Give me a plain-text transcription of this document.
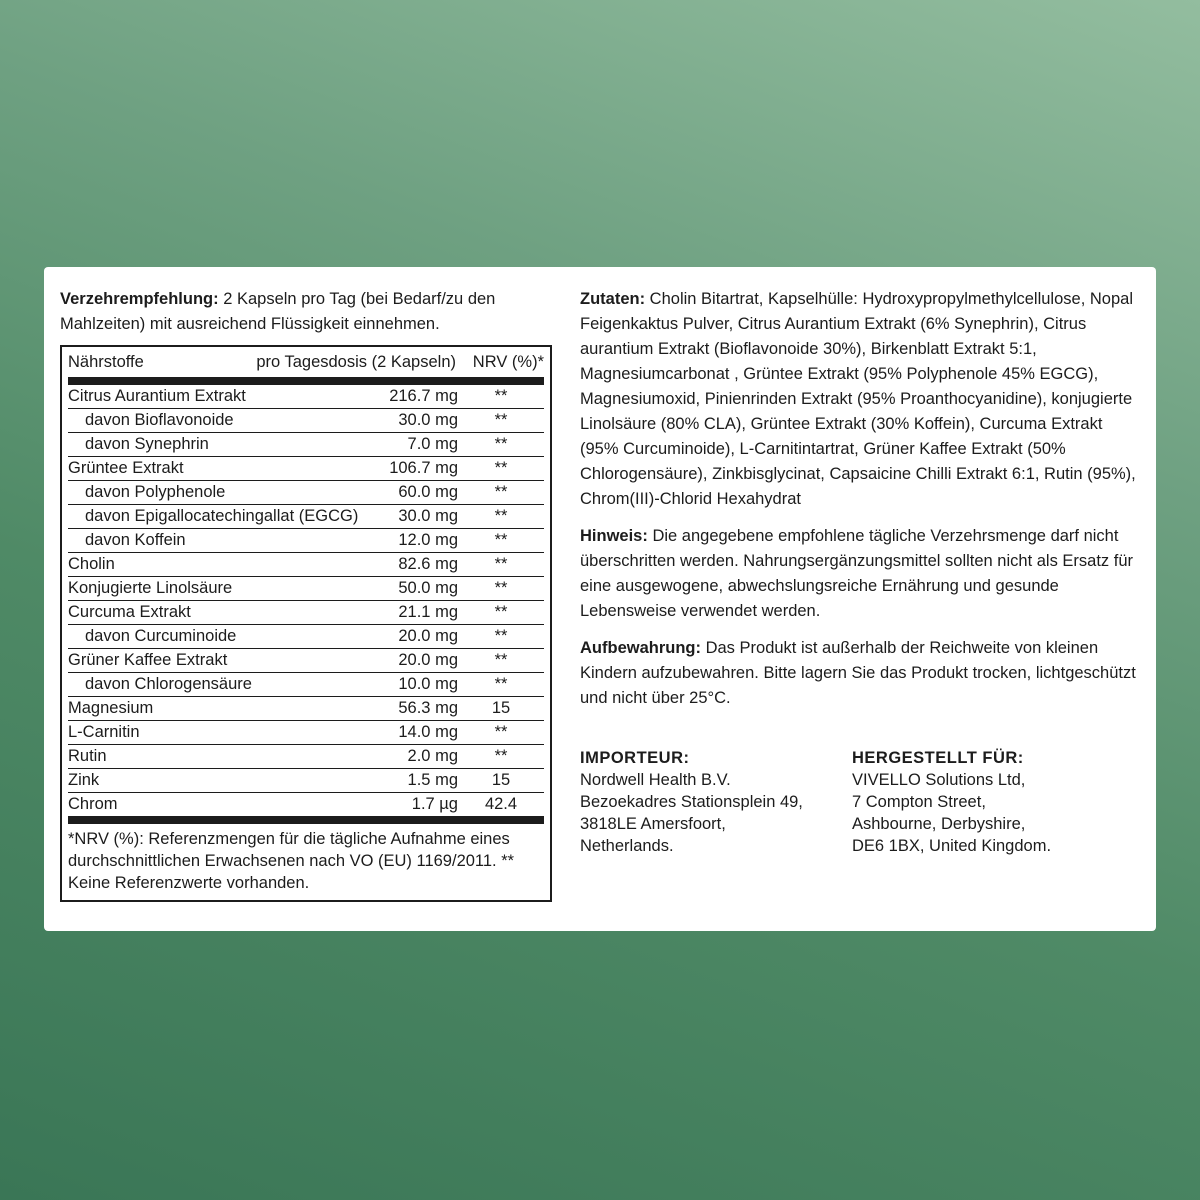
Verzehrempfehlung: 2 Kapseln pro Tag (bei Bedarf/zu den Mahlzeiten) mit ausreichend Flüssigkeit einnehmen.

Nährstoffe	pro Tagesdosis (2 Kapseln)	NRV (%)*
Citrus Aurantium Extrakt	216.7 mg	**
davon Bioflavonoide	30.0 mg	**
davon Synephrin	7.0 mg	**
Grüntee Extrakt	106.7 mg	**
davon Polyphenole	60.0 mg	**
davon Epigallocatechingallat (EGCG)	30.0 mg	**
davon Koffein	12.0 mg	**
Cholin	82.6 mg	**
Konjugierte Linolsäure	50.0 mg	**
Curcuma Extrakt	21.1 mg	**
davon Curcuminoide	20.0 mg	**
Grüner Kaffee Extrakt	20.0 mg	**
davon Chlorogensäure	10.0 mg	**
Magnesium	56.3 mg	15
L-Carnitin	14.0 mg	**
Rutin	2.0 mg	**
Zink	1.5 mg	15
Chrom	1.7 µg	42.4
*NRV (%): Referenzmengen für die tägliche Aufnahme eines durchschnittlichen Erwachsenen nach VO (EU) 1169/2011. ** Keine Referenzwerte vorhanden.

Zutaten: Cholin Bitartrat, Kapselhülle: Hydroxypropylmethylcellulose, Nopal Feigenkaktus Pulver, Citrus Aurantium Extrakt (6% Synephrin), Citrus aurantium Extrakt (Bioflavonoide 30%), Birkenblatt Extrakt 5:1, Magnesiumcarbonat , Grüntee Extrakt (95% Polyphenole 45% EGCG), Magnesiumoxid, Pinienrinden Extrakt (95% Proanthocyanidine), konjugierte Linolsäure (80% CLA), Grüntee Extrakt (30% Koffein), Curcuma Extrakt (95% Curcuminoide), L-Carnitintartrat, Grüner Kaffee Extrakt (50% Chlorogensäure), Zinkbisglycinat, Capsaicine Chilli Extrakt 6:1, Rutin (95%), Chrom(III)-Chlorid Hexahydrat

Hinweis: Die angegebene empfohlene tägliche Verzehrsmenge darf nicht überschritten werden. Nahrungsergänzungsmittel sollten nicht als Ersatz für eine ausgewogene, abwechslungsreiche Ernährung und gesunde Lebensweise verwendet werden.

Aufbewahrung: Das Produkt ist außerhalb der Reichweite von kleinen Kindern aufzubewahren. Bitte lagern Sie das Produkt trocken, lichtgeschützt und nicht über 25°C.

IMPORTEUR:
Nordwell Health B.V.
Bezoekadres Stationsplein 49,
3818LE Amersfoort,
Netherlands.
HERGESTELLT FÜR:
VIVELLO Solutions Ltd,
7 Compton Street,
Ashbourne, Derbyshire,
DE6 1BX, United Kingdom.
